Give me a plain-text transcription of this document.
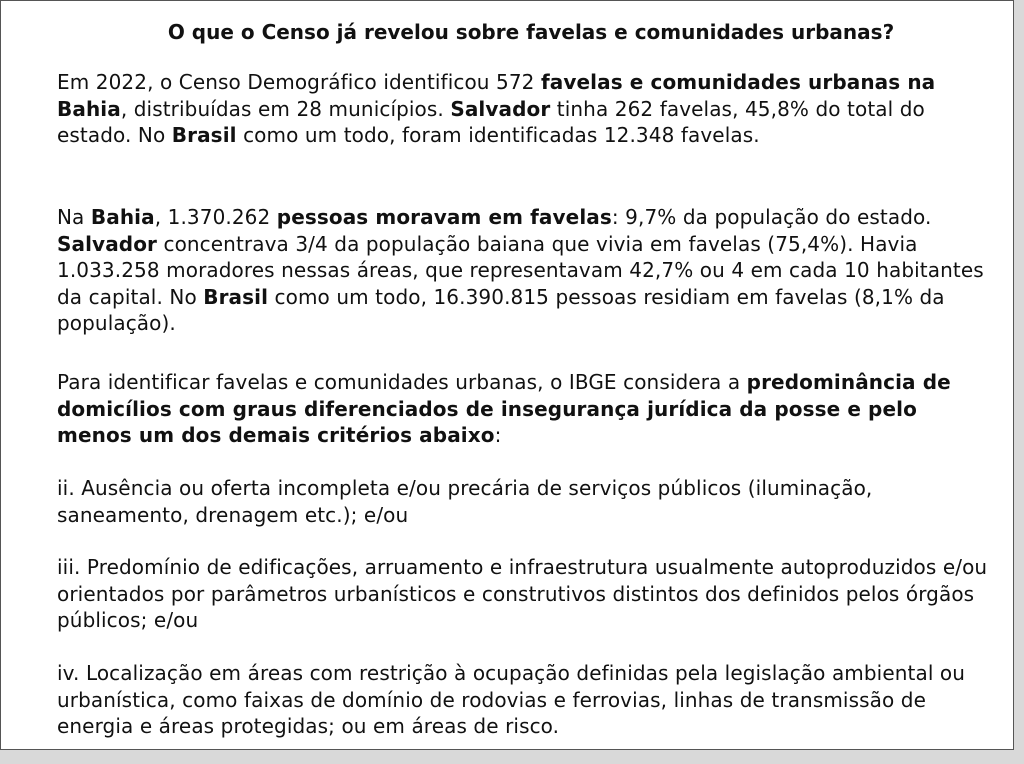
O que o Censo já revelou sobre favelas e comunidades urbanas?

Em 2022, o Censo Demográfico identificou 572 favelas e comunidades urbanas na Bahia, distribuídas em 28 municípios. Salvador tinha 262 favelas, 45,8% do total do estado. No Brasil como um todo, foram identificadas 12.348 favelas.

Na Bahia, 1.370.262 pessoas moravam em favelas: 9,7% da população do estado. Salvador concentrava 3/4 da população baiana que vivia em favelas (75,4%). Havia 1.033.258 moradores nessas áreas, que representavam 42,7% ou 4 em cada 10 habitantes da capital. No Brasil como um todo, 16.390.815 pessoas residiam em favelas (8,1% da população).

Para identificar favelas e comunidades urbanas, o IBGE considera a predominância de domicílios com graus diferenciados de insegurança jurídica da posse e pelo menos um dos demais critérios abaixo:

ii. Ausência ou oferta incompleta e/ou precária de serviços públicos (iluminação, saneamento, drenagem etc.); e/ou

iii. Predomínio de edificações, arruamento e infraestrutura usualmente autoproduzidos e/ou orientados por parâmetros urbanísticos e construtivos distintos dos definidos pelos órgãos públicos; e/ou

iv. Localização em áreas com restrição à ocupação definidas pela legislação ambiental ou urbanística, como faixas de domínio de rodovias e ferrovias, linhas de transmissão de energia e áreas protegidas; ou em áreas de risco.
